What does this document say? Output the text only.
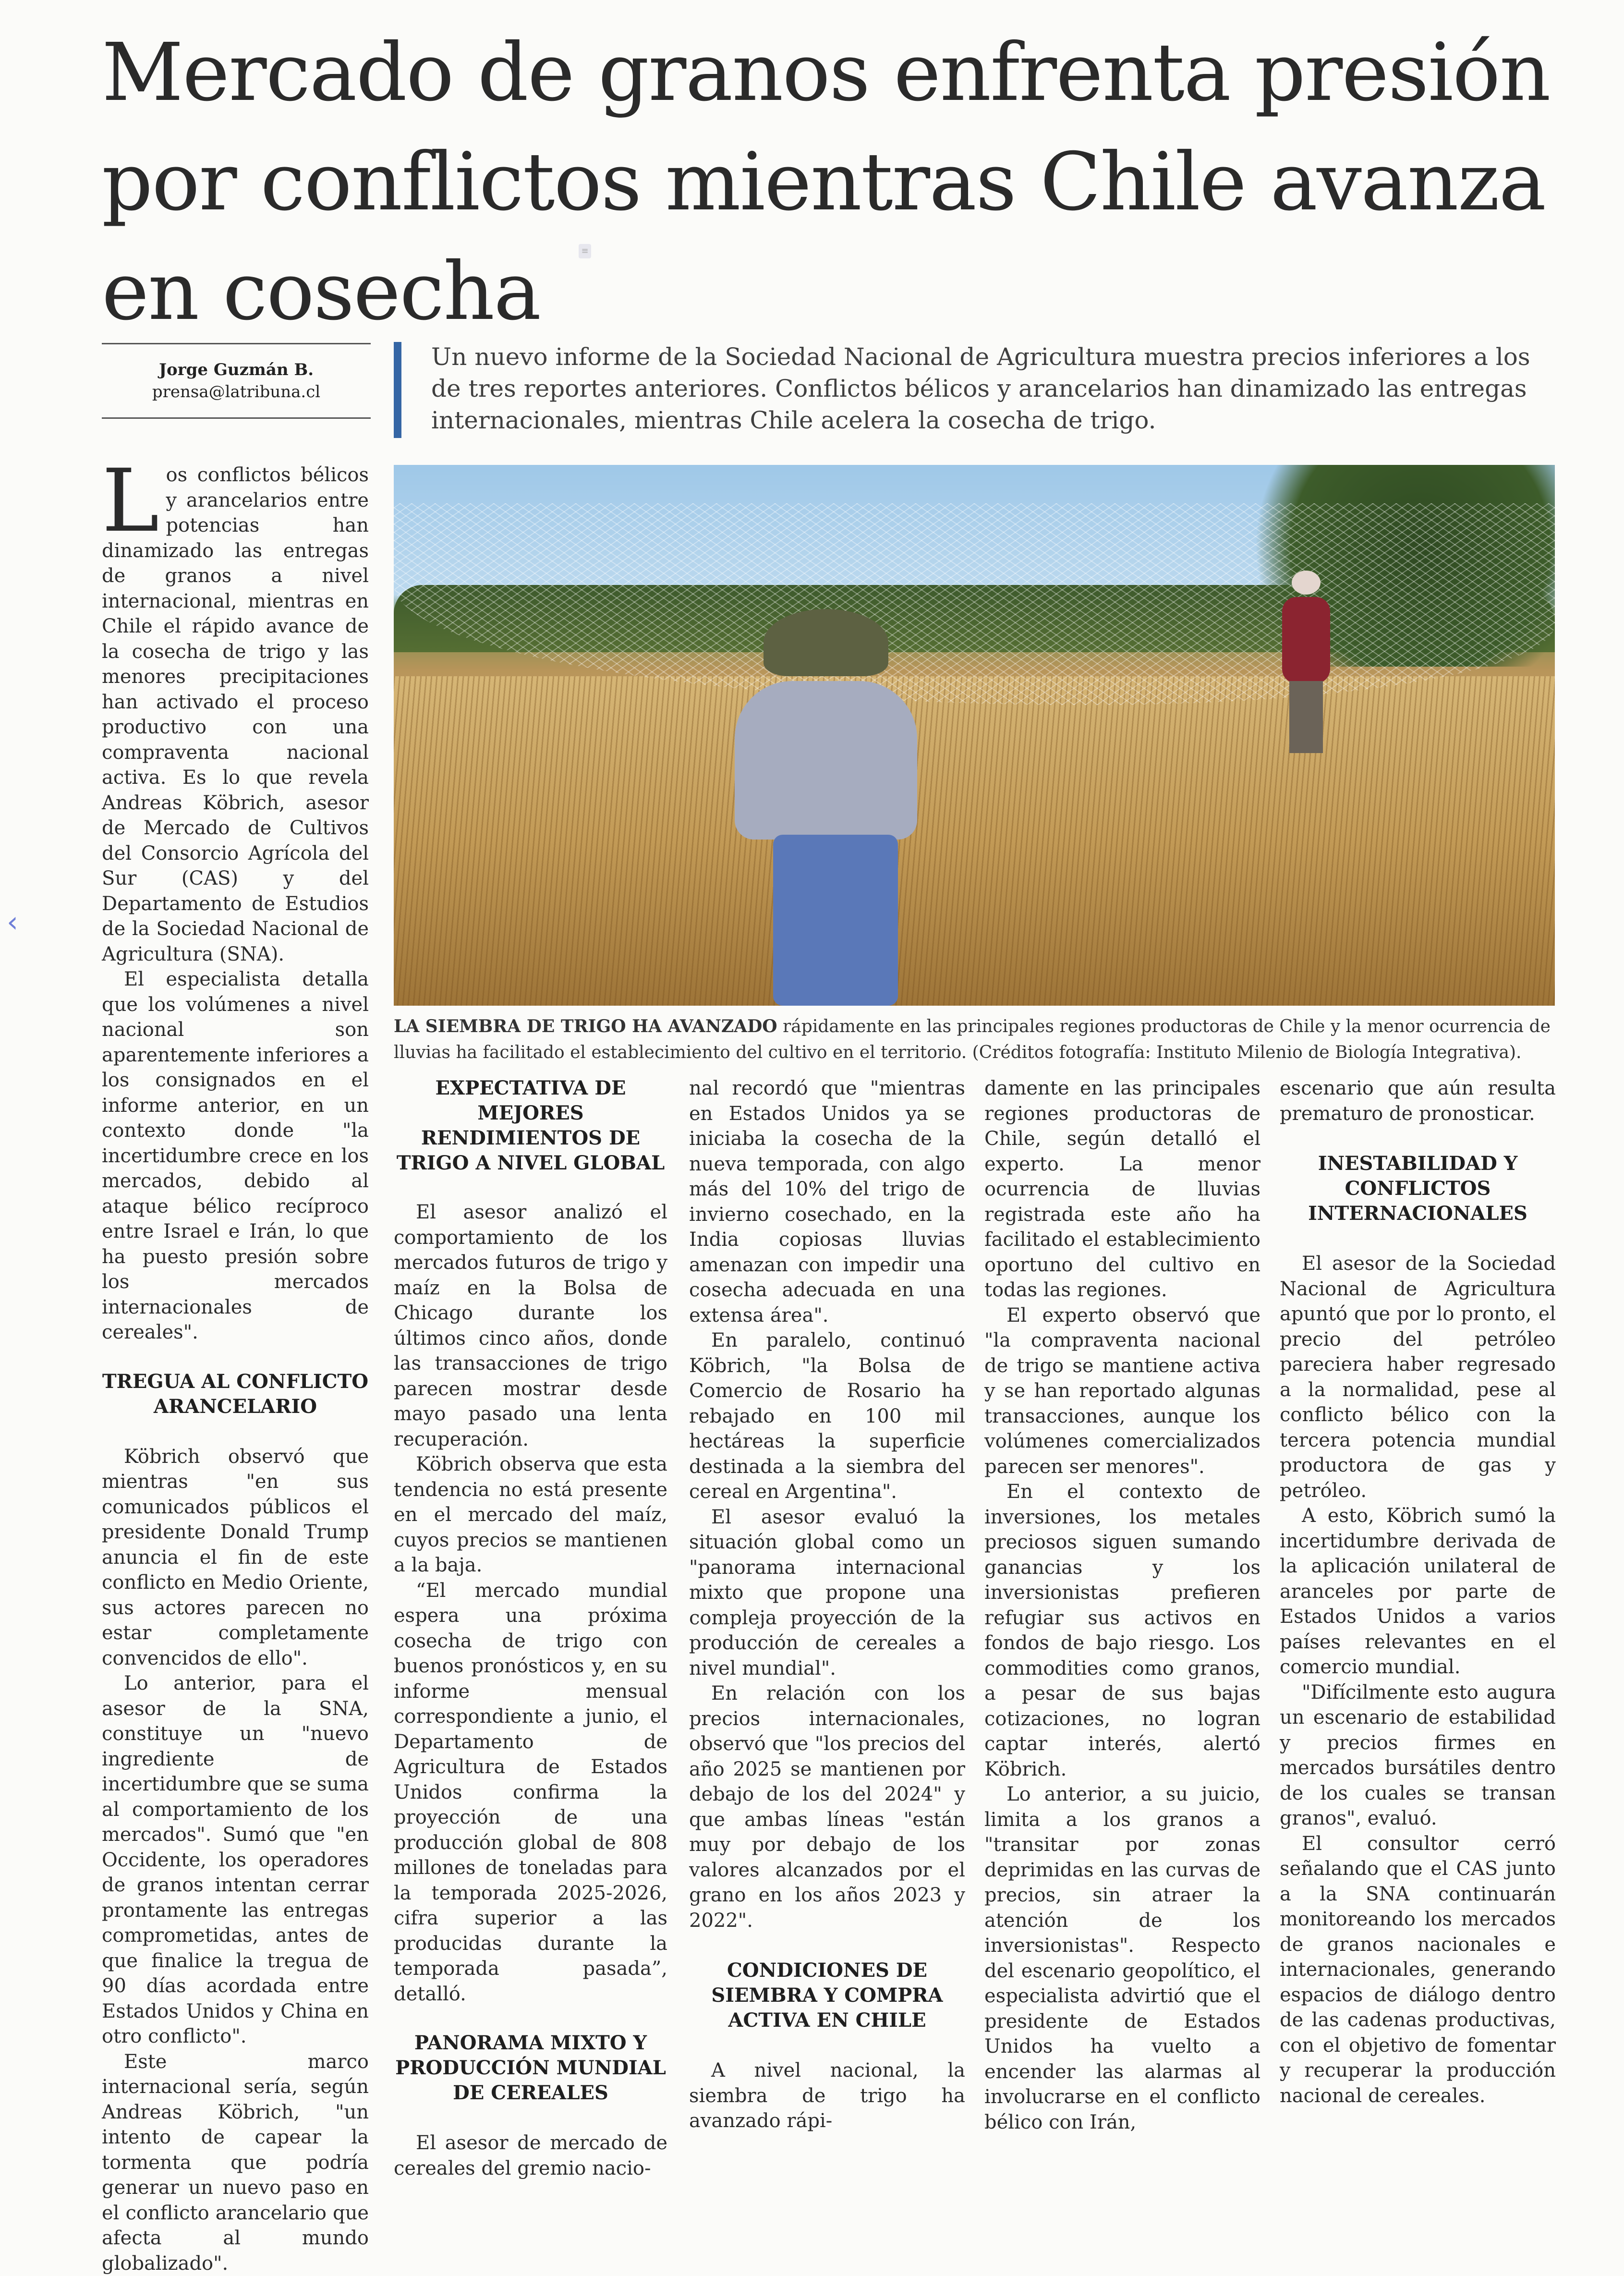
Mercado de granos enfrenta presión por conflictos mientras Chile avanza en cosecha	≡
Jorge Guzmán B.
prensa@latribuna.cl

Un nuevo informe de la Sociedad Nacional de Agricultura muestra precios inferiores a los de tres reportes anteriores. Conflictos bélicos y arancelarios han dinamizado las entregas internacionales, mientras Chile acelera la cosecha de trigo.

LA SIEMBRA DE TRIGO HA AVANZADO rápidamente en las principales regiones productoras de Chile y la menor ocurrencia de lluvias ha facilitado el establecimiento del cultivo en el territorio. (Créditos fotografía: Instituto Milenio de Biología Integrativa).

Los conflictos bélicos y arancelarios entre potencias han dinamizado las entregas de granos a nivel internacional, mientras en Chile el rápido avance de la cosecha de trigo y las menores precipitaciones han activado el proceso productivo con una compraventa nacional activa. Es lo que revela Andreas Köbrich, asesor de Mercado de Cultivos del Consorcio Agrícola del Sur (CAS) y del Departamento de Estudios de la Sociedad Nacional de Agricultura (SNA).

El especialista detalla que los volúmenes a nivel nacional son aparentemente inferiores a los consignados en el informe anterior, en un contexto donde "la incertidumbre crece en los mercados, debido al ataque bélico recíproco entre Israel e Irán, lo que ha puesto presión sobre los mercados internacionales de cereales".

TREGUA AL CONFLICTO ARANCELARIO

Köbrich observó que mientras "en sus comunicados públicos el presidente Donald Trump anuncia el fin de este conflicto en Medio Oriente, sus actores parecen no estar completamente convencidos de ello".

Lo anterior, para el asesor de la SNA, constituye un "nuevo ingrediente de incertidumbre que se suma al comportamiento de los mercados". Sumó que "en Occidente, los operadores de granos intentan cerrar prontamente las entregas comprometidas, antes de que finalice la tregua de 90 días acordada entre Estados Unidos y China en otro conflicto".

Este marco internacional sería, según Andreas Köbrich, "un intento de capear la tormenta que podría generar un nuevo paso en el conflicto arancelario que afecta al mundo globalizado".

EXPECTATIVA DE MEJORES RENDIMIENTOS DE TRIGO A NIVEL GLOBAL

El asesor analizó el comportamiento de los mercados futuros de trigo y maíz en la Bolsa de Chicago durante los últimos cinco años, donde las transacciones de trigo parecen mostrar desde mayo pasado una lenta recuperación.

Köbrich observa que esta tendencia no está presente en el mercado del maíz, cuyos precios se mantienen a la baja.

“El mercado mundial espera una próxima cosecha de trigo con buenos pronósticos y, en su informe mensual correspondiente a junio, el Departamento de Agricultura de Estados Unidos confirma la proyección de una producción global de 808 millones de toneladas para la temporada 2025-2026, cifra superior a las producidas durante la temporada pasada”, detalló.

PANORAMA MIXTO Y PRODUCCIÓN MUNDIAL DE CEREALES

El asesor de mercado de cereales del gremio nacio-

nal recordó que "mientras en Estados Unidos ya se iniciaba la cosecha de la nueva temporada, con algo más del 10% del trigo de invierno cosechado, en la India copiosas lluvias amenazan con impedir una cosecha adecuada en una extensa área".

En paralelo, continuó Köbrich, "la Bolsa de Comercio de Rosario ha rebajado en 100 mil hectáreas la superficie destinada a la siembra del cereal en Argentina".

El asesor evaluó la situación global como un "panorama internacional mixto que propone una compleja proyección de la producción de cereales a nivel mundial".

En relación con los precios internacionales, observó que "los precios del año 2025 se mantienen por debajo de los del 2024" y que ambas líneas "están muy por debajo de los valores alcanzados por el grano en los años 2023 y 2022".

CONDICIONES DE SIEMBRA Y COMPRA ACTIVA EN CHILE

A nivel nacional, la siembra de trigo ha avanzado rápi-

damente en las principales regiones productoras de Chile, según detalló el experto. La menor ocurrencia de lluvias registrada este año ha facilitado el establecimiento oportuno del cultivo en todas las regiones.

El experto observó que "la compraventa nacional de trigo se mantiene activa y se han reportado algunas transacciones, aunque los volúmenes comercializados parecen ser menores".

En el contexto de inversiones, los metales preciosos siguen sumando ganancias y los inversionistas prefieren refugiar sus activos en fondos de bajo riesgo. Los commodities como granos, a pesar de sus bajas cotizaciones, no logran captar interés, alertó Köbrich.

Lo anterior, a su juicio, limita a los granos a "transitar por zonas deprimidas en las curvas de precios, sin atraer la atención de los inversionistas". Respecto del escenario geopolítico, el especialista advirtió que el presidente de Estados Unidos ha vuelto a encender las alarmas al involucrarse en el conflicto bélico con Irán,

escenario que aún resulta prematuro de pronosticar.

INESTABILIDAD Y CONFLICTOS INTERNACIONALES

El asesor de la Sociedad Nacional de Agricultura apuntó que por lo pronto, el precio del petróleo pareciera haber regresado a la normalidad, pese al conflicto bélico con la tercera potencia mundial productora de gas y petróleo.

A esto, Köbrich sumó la incertidumbre derivada de la aplicación unilateral de aranceles por parte de Estados Unidos a varios países relevantes en el comercio mundial.

"Difícilmente esto augura un escenario de estabilidad y precios firmes en mercados bursátiles dentro de los cuales se transan granos", evaluó.

El consultor cerró señalando que el CAS junto a la SNA continuarán monitoreando los mercados de granos nacionales e internacionales, generando espacios de diálogo dentro de las cadenas productivas, con el objetivo de fomentar y recuperar la producción nacional de cereales.

‹
